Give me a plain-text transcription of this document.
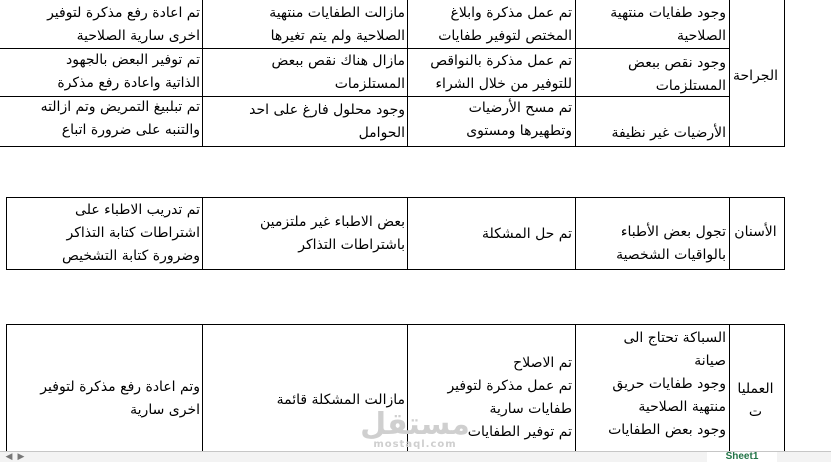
الجراحة
وجود طفايات منتهية
الصلاحية
وجود نقص ببعض
المستلزمات
الأرضيات غير نظيفة
تم عمل مذكرة وابلاغ
المختص لتوفير طفايات
تم عمل مذكرة بالنواقص
للتوفير من خلال الشراء
تم مسح الأرضيات
وتطهيرها ومستوى
مازالت الطفايات منتهية
الصلاحية ولم يتم تغيرها
مازال هناك نقص ببعض
المستلزمات
وجود محلول فارغ على احد
الحوامل
تم اعادة رفع مذكرة لتوفير
اخرى سارية الصلاحية
تم توفير البعض بالجهود
الذاتية واعادة رفع مذكرة
تم تبلبيغ التمريض وتم ازالته
والتنبه على ضرورة اتباع
الأسنان
تجول بعض الأطباء
بالواقيات الشخصية
تم حل المشكلة
بعض الاطباء غير ملتزمين
باشتراطات التذاكر
تم تدريب الاطباء على
اشتراطات كتابة التذاكر
وضرورة كتابة التشخيص
العمليا
ت
السباكة تحتاج الى
صيانة
وجود طفايات حريق
منتهية الصلاحية
وجود بعض الطفايات
تم الاصلاح
تم عمل مذكرة لتوفير
طفايات سارية
تم توفير الطفايات
مازالت المشكلة قائمة
وتم اعادة رفع مذكرة لتوفير
اخرى سارية	مستقل
mostaql.com
◀ ▶	Sheet1
